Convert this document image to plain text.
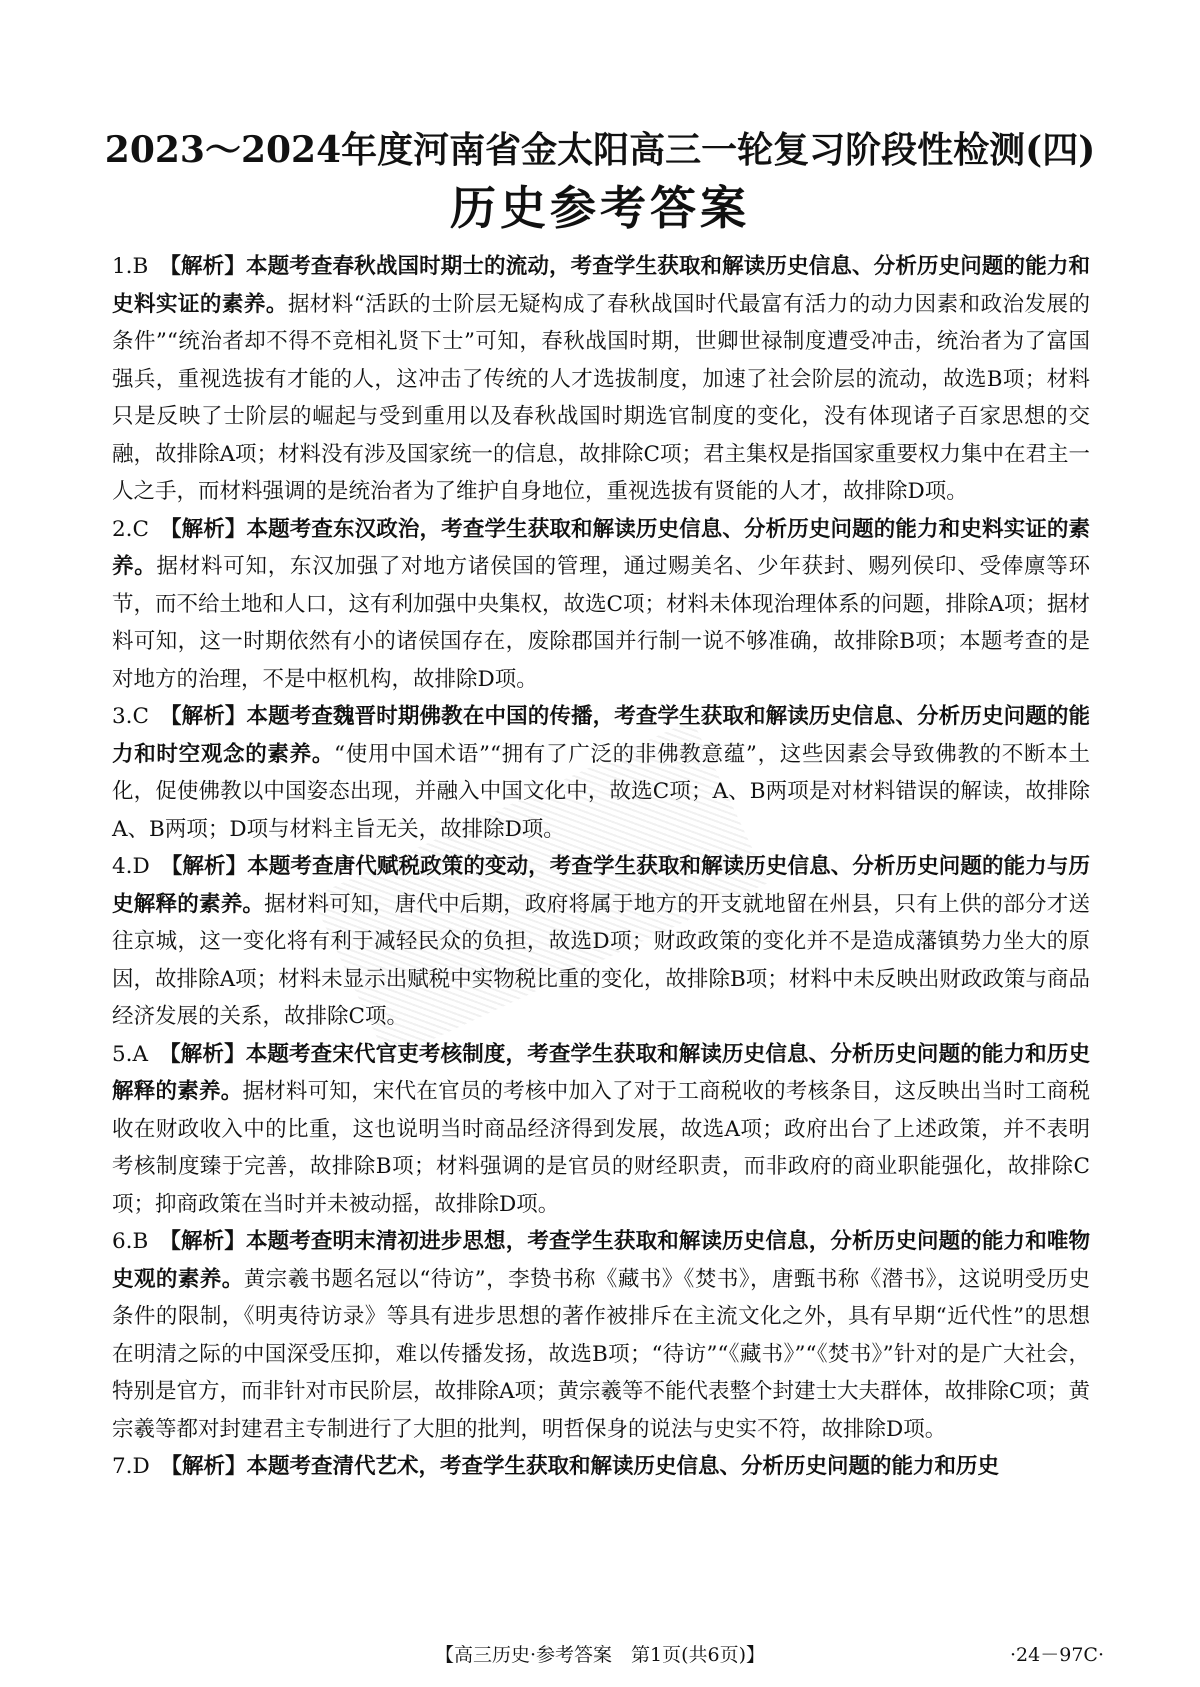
2023～2024年度河南省金太阳高三一轮复习阶段性检测(四)
历史参考答案

1.B　 【解析】本题考查春秋战国时期士的流动，考查学生获取和解读历史信息、分析历史问题的能力和史料实证的素养。据材料“活跃的士阶层无疑构成了春秋战国时代最富有活力的动力因素和政治发展的条件”“统治者却不得不竞相礼贤下士”可知，春秋战国时期，世卿世禄制度遭受冲击，统治者为了富国强兵，重视选拔有才能的人，这冲击了传统的人才选拔制度，加速了社会阶层的流动，故选B项；材料只是反映了士阶层的崛起与受到重用以及春秋战国时期选官制度的变化，没有体现诸子百家思想的交融，故排除A项；材料没有涉及国家统一的信息，故排除C项；君主集权是指国家重要权力集中在君主一人之手，而材料强调的是统治者为了维护自身地位，重视选拔有贤能的人才，故排除D项。

2.C　 【解析】本题考查东汉政治，考查学生获取和解读历史信息、分析历史问题的能力和史料实证的素养。据材料可知，东汉加强了对地方诸侯国的管理，通过赐美名、少年获封、赐列侯印、受俸廪等环节，而不给土地和人口，这有利加强中央集权，故选C项；材料未体现治理体系的问题，排除A项；据材料可知，这一时期依然有小的诸侯国存在，废除郡国并行制一说不够准确，故排除B项；本题考查的是对地方的治理，不是中枢机构，故排除D项。

3.C　 【解析】本题考查魏晋时期佛教在中国的传播，考查学生获取和解读历史信息、分析历史问题的能力和时空观念的素养。“使用中国术语”“拥有了广泛的非佛教意蕴”，这些因素会导致佛教的不断本土化，促使佛教以中国姿态出现，并融入中国文化中，故选C项；A、B两项是对材料错误的解读，故排除A、B两项；D项与材料主旨无关，故排除D项。

4.D　 【解析】本题考查唐代赋税政策的变动，考查学生获取和解读历史信息、分析历史问题的能力与历史解释的素养。据材料可知，唐代中后期，政府将属于地方的开支就地留在州县，只有上供的部分才送往京城，这一变化将有利于减轻民众的负担，故选D项；财政政策的变化并不是造成藩镇势力坐大的原因，故排除A项；材料未显示出赋税中实物税比重的变化，故排除B项；材料中未反映出财政政策与商品经济发展的关系，故排除C项。

5.A　 【解析】本题考查宋代官吏考核制度，考查学生获取和解读历史信息、分析历史问题的能力和历史解释的素养。据材料可知，宋代在官员的考核中加入了对于工商税收的考核条目，这反映出当时工商税收在财政收入中的比重，这也说明当时商品经济得到发展，故选A项；政府出台了上述政策，并不表明考核制度臻于完善，故排除B项；材料强调的是官员的财经职责，而非政府的商业职能强化，故排除C项；抑商政策在当时并未被动摇，故排除D项。

6.B　 【解析】本题考查明末清初进步思想，考查学生获取和解读历史信息，分析历史问题的能力和唯物史观的素养。黄宗羲书题名冠以“待访”，李贽书称《藏书》《焚书》，唐甄书称《潜书》，这说明受历史条件的限制，《明夷待访录》等具有进步思想的著作被排斥在主流文化之外，具有早期“近代性”的思想在明清之际的中国深受压抑，难以传播发扬，故选B项；“待访”“《藏书》”“《焚书》”针对的是广大社会，特别是官方，而非针对市民阶层，故排除A项；黄宗羲等不能代表整个封建士大夫群体，故排除C项；黄宗羲等都对封建君主专制进行了大胆的批判，明哲保身的说法与史实不符，故排除D项。

7.D　 【解析】本题考查清代艺术，考查学生获取和解读历史信息、分析历史问题的能力和历史

【高三历史·参考答案　第1页(共6页)】	·24－97C·
